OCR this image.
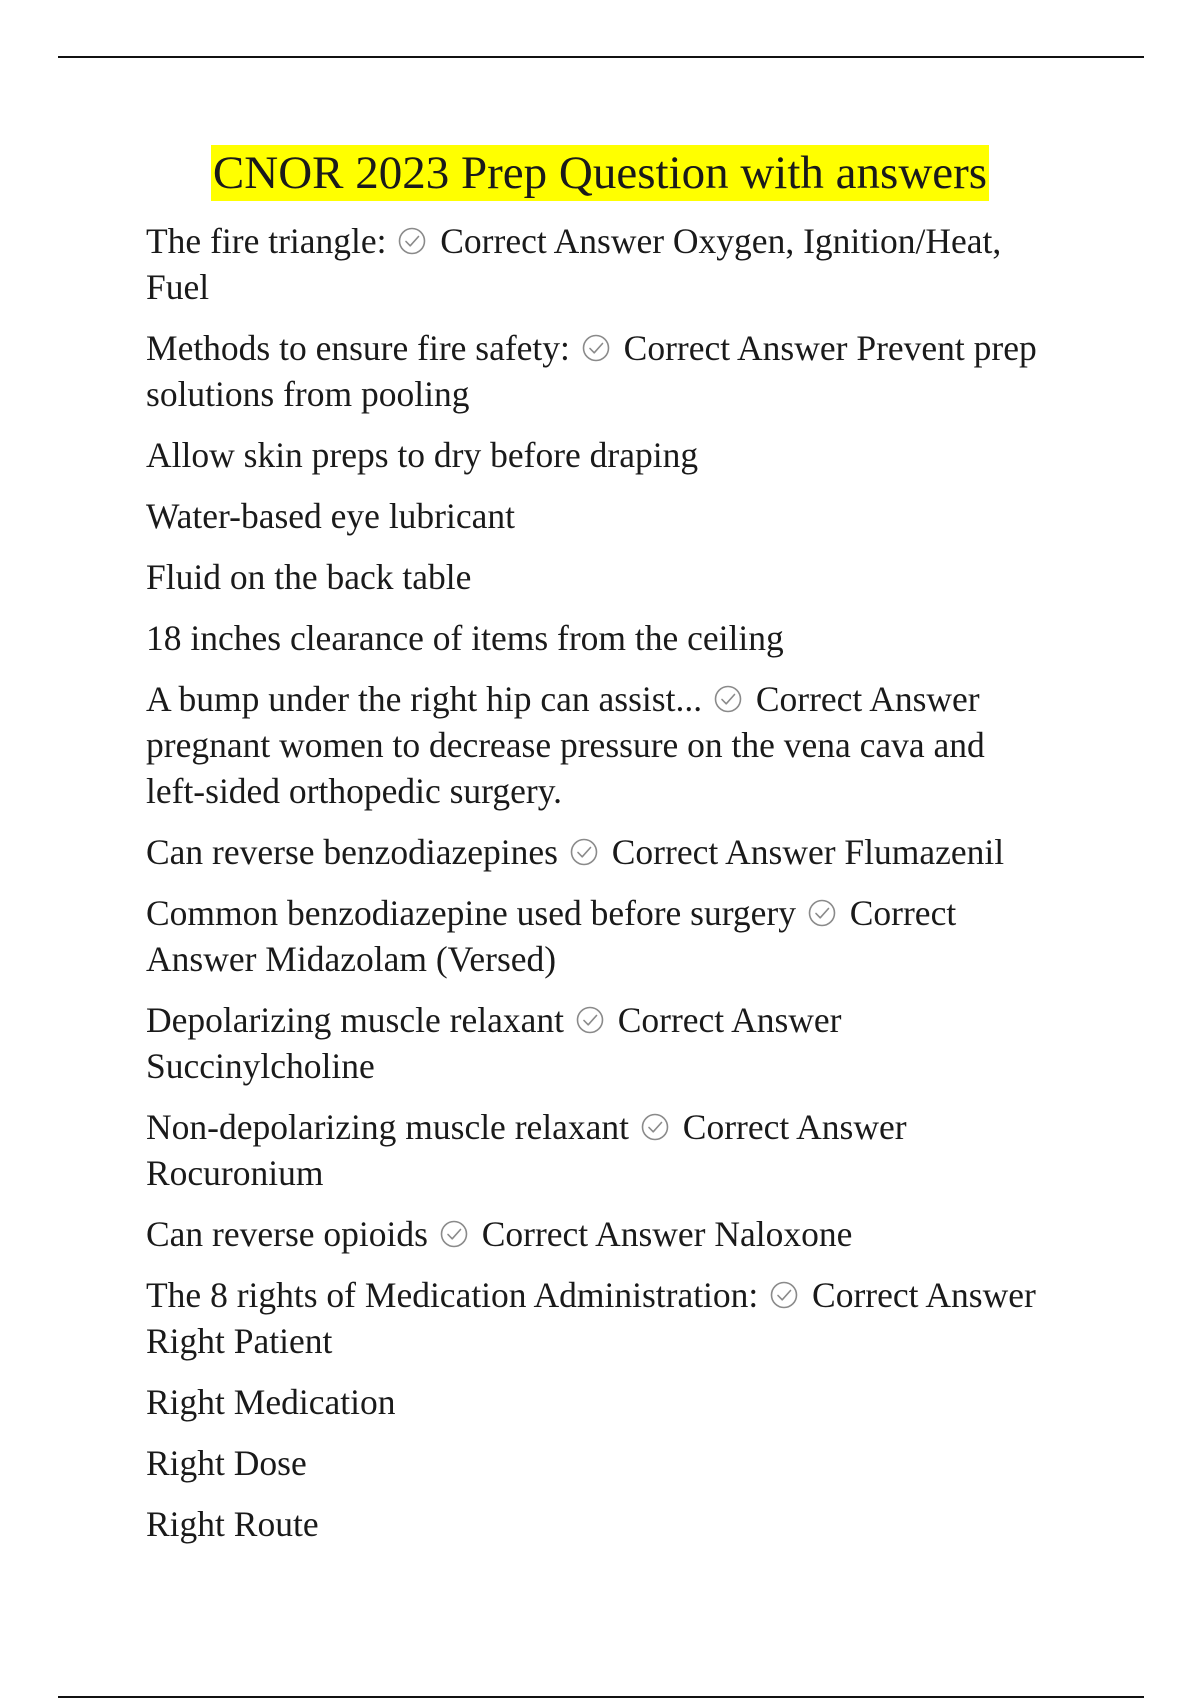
CNOR 2023 Prep Question with answers

The fire triangle: Correct Answer Oxygen, Ignition/Heat, Fuel

Methods to ensure fire safety: Correct Answer Prevent prep solutions from pooling

Allow skin preps to dry before draping

Water-based eye lubricant

Fluid on the back table

18 inches clearance of items from the ceiling

A bump under the right hip can assist... Correct Answer pregnant women to decrease pressure on the vena cava and left-sided orthopedic surgery.

Can reverse benzodiazepines Correct Answer Flumazenil

Common benzodiazepine used before surgery Correct Answer Midazolam (Versed)

Depolarizing muscle relaxant Correct Answer Succinylcholine

Non-depolarizing muscle relaxant Correct Answer Rocuronium

Can reverse opioids Correct Answer Naloxone

The 8 rights of Medication Administration: Correct Answer Right Patient

Right Medication

Right Dose

Right Route
